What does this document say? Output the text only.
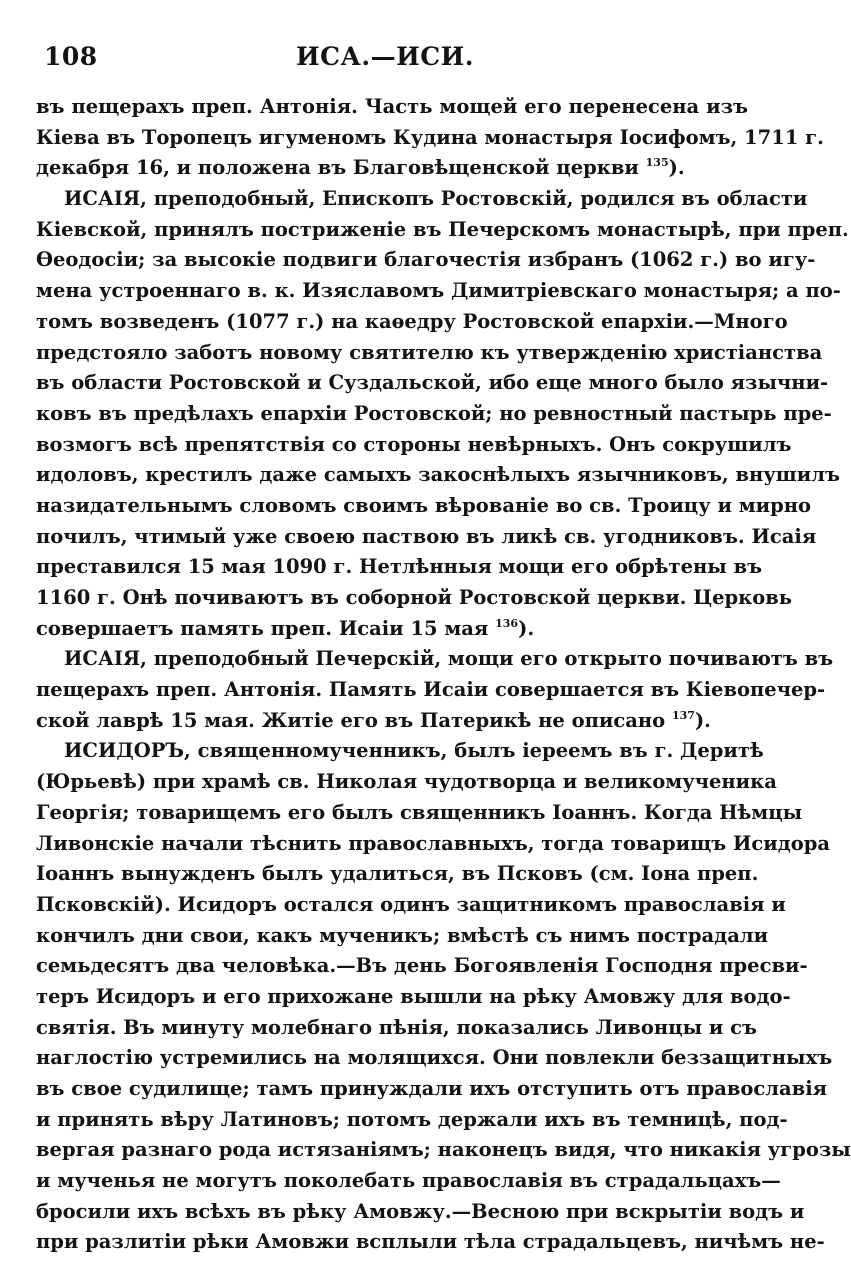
108	ИСА.—ИСИ.
въ пещерахъ преп. Антонія. Часть мощей его перенесена изъ
Кіева въ Торопецъ игуменомъ Кудина монастыря Іосифомъ, 1711 г.
декабря 16, и положена въ Благовѣщенской церкви $^{135}$).
ИСАІЯ, преподобный, Епископъ Ростовскій, родился въ области
Кіевской, принялъ постриженіе въ Печерскомъ монастырѣ, при преп.
Ѳеодосіи; за высокіе подвиги благочестія избранъ (1062 г.) во игу-
мена устроеннаго в. к. Изяславомъ Димитріевскаго монастыря; а по-
томъ возведенъ (1077 г.) на каѳедру Ростовской епархіи.—Много
предстояло заботъ новому святителю къ утвержденію христіанства
въ области Ростовской и Суздальской, ибо еще много было язычни-
ковъ въ предѣлахъ епархіи Ростовской; но ревностный пастырь пре-
возмогъ всѣ препятствія со стороны невѣрныхъ. Онъ сокрушилъ
идоловъ, крестилъ даже самыхъ закоснѣлыхъ язычниковъ, внушилъ
назидательнымъ словомъ своимъ вѣрованіе во св. Троицу и мирно
почилъ, чтимый уже своею паствою въ ликѣ св. угодниковъ. Исаія
преставился 15 мая 1090 г. Нетлѣнныя мощи его обрѣтены въ
1160 г. Онѣ почиваютъ въ соборной Ростовской церкви. Церковь
совершаетъ память преп. Исаіи 15 мая $^{136}$).
ИСАІЯ, преподобный Печерскій, мощи его открыто почиваютъ въ
пещерахъ преп. Антонія. Память Исаіи совершается въ Кіевопечер-
ской лаврѣ 15 мая. Житіе его въ Патерикѣ не описано $^{137}$).
ИСИДОРЪ, священномученникъ, былъ іереемъ въ г. Деритѣ
(Юрьевѣ) при храмѣ св. Николая чудотворца и великомученика
Георгія; товарищемъ его былъ священникъ Іоаннъ. Когда Нѣмцы
Ливонскіе начали тѣснить православныхъ, тогда товарищъ Исидора
Іоаннъ вынужденъ былъ удалиться, въ Псковъ (см. Іона преп.
Псковскій). Исидоръ остался одинъ защитникомъ православія и
кончилъ дни свои, какъ мученикъ; вмѣстѣ съ нимъ пострадали
семьдесятъ два человѣка.—Въ день Богоявленія Господня пресви-
теръ Исидоръ и его прихожане вышли на рѣку Амовжу для водо-
святія. Въ минуту молебнаго пѣнія, показались Ливонцы и съ
наглостію устремились на молящихся. Они повлекли беззащитныхъ
въ свое судилище; тамъ принуждали ихъ отступить отъ православія
и принять вѣру Латиновъ; потомъ держали ихъ въ темницѣ, под-
вергая разнаго рода истязаніямъ; наконецъ видя, что никакія угрозы
и мученья не могутъ поколебать православія въ страдальцахъ—
бросили ихъ всѣхъ въ рѣку Амовжу.—Весною при вскрытіи водъ и
при разлитіи рѣки Амовжи всплыли тѣла страдальцевъ, ничѣмъ не-
